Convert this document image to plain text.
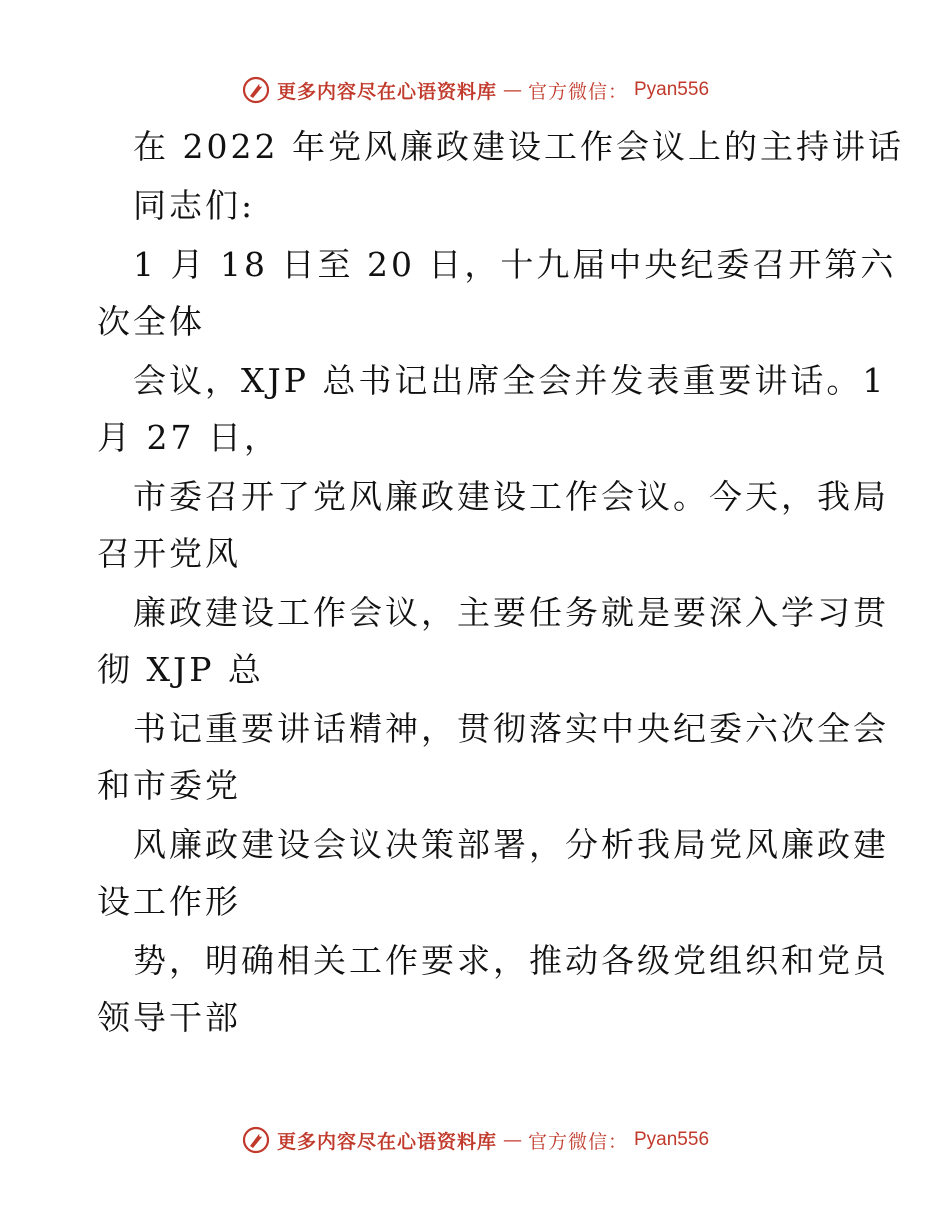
更多内容尽在心语资料库 — 官方微信： Pyan556
在 2022 年党风廉政建设工作会议上的主持讲话
同志们:
1 月 18 日至 20 日，十九届中央纪委召开第六
次全体
会议，XJP 总书记出席全会并发表重要讲话。1
月 27 日，
市委召开了党风廉政建设工作会议。今天，我局
召开党风
廉政建设工作会议，主要任务就是要深入学习贯
彻 XJP 总
书记重要讲话精神，贯彻落实中央纪委六次全会
和市委党
风廉政建设会议决策部署，分析我局党风廉政建
设工作形
势，明确相关工作要求，推动各级党组织和党员
领导干部
更多内容尽在心语资料库 — 官方微信： Pyan556
